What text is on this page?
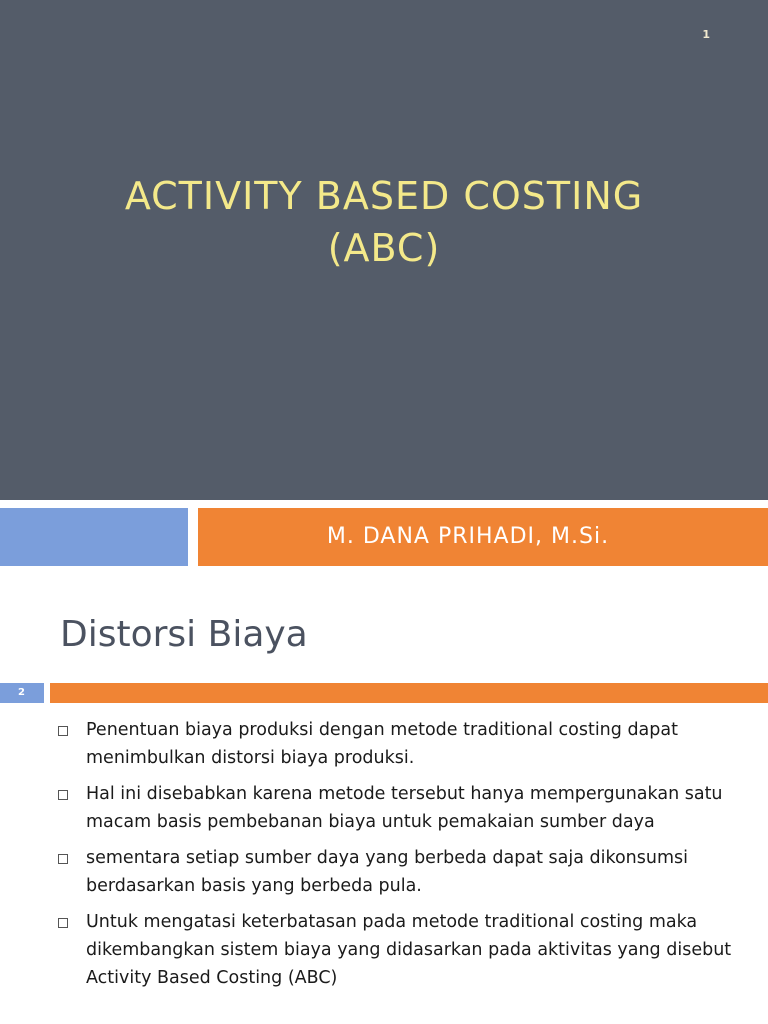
1
ACTIVITY BASED COSTING
(ABC)
M. DANA PRIHADI, M.Si.
Distorsi Biaya
2
Penentuan biaya produksi dengan metode traditional costing dapat menimbulkan distorsi biaya produksi.
Hal ini disebabkan karena metode tersebut hanya mempergunakan satu macam basis pembebanan biaya untuk pemakaian sumber daya
sementara setiap sumber daya yang berbeda dapat saja dikonsumsi berdasarkan basis yang berbeda pula.
Untuk mengatasi keterbatasan pada metode traditional costing maka dikembangkan sistem biaya yang didasarkan pada aktivitas yang disebut Activity Based Costing (ABC)
